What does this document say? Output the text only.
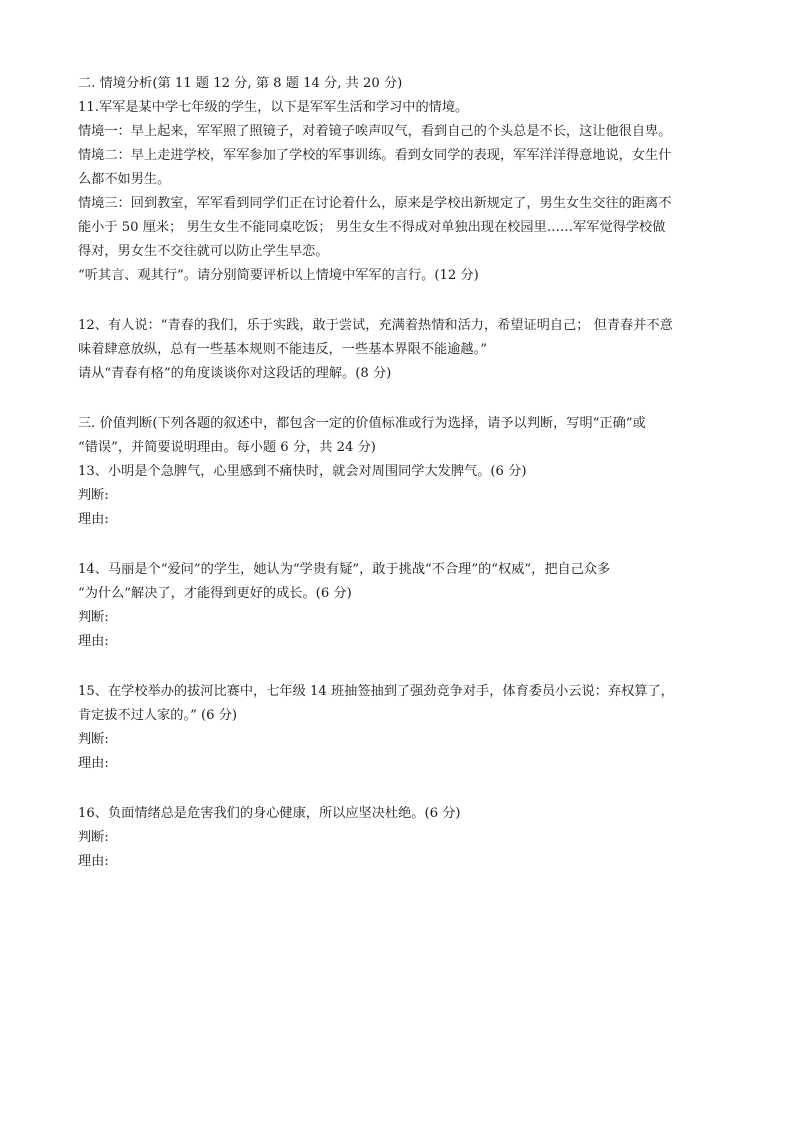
二. 情境分析(第 11 题 12 分, 第 8 题 14 分, 共 20 分)
11.军军是某中学七年级的学生，以下是军军生活和学习中的情境。
情境一：早上起来，军军照了照镜子，对着镜子唉声叹气，看到自己的个头总是不长，这让他很自卑。
情境二：早上走进学校，军军参加了学校的军事训练。看到女同学的表现，军军洋洋得意地说，女生什
么都不如男生。
情境三：回到教室，军军看到同学们正在讨论着什么，原来是学校出新规定了，男生女生交往的距离不
能小于 50 厘米； 男生女生不能同桌吃饭； 男生女生不得成对单独出现在校园里……军军觉得学校做
得对，男女生不交往就可以防止学生早恋。
“听其言、观其行”。请分别简要评析以上情境中军军的言行。(12 分)
12、有人说：“青春的我们，乐于实践，敢于尝试，充满着热情和活力，希望证明自己； 但青春并不意
味着肆意放纵，总有一些基本规则不能违反，一些基本界限不能逾越。”
请从“青春有格”的角度谈谈你对这段话的理解。(8 分)
三. 价值判断(下列各题的叙述中，都包含一定的价值标准或行为选择，请予以判断，写明“正确”或
“错误”，并简要说明理由。每小题 6 分，共 24 分)
13、小明是个急脾气，心里感到不痛快时，就会对周围同学大发脾气。(6 分)
判断:
理由:
14、马丽是个“爱问”的学生，她认为“学贵有疑”，敢于挑战“不合理”的“权威”，把自己众多
“为什么”解决了，才能得到更好的成长。(6 分)
判断:
理由:
15、在学校举办的拔河比赛中，七年级 14 班抽签抽到了强劲竞争对手，体育委员小云说：弃权算了，
肯定拔不过人家的。” (6 分)
判断:
理由:
16、负面情绪总是危害我们的身心健康，所以应坚决杜绝。(6 分)
判断:
理由:
